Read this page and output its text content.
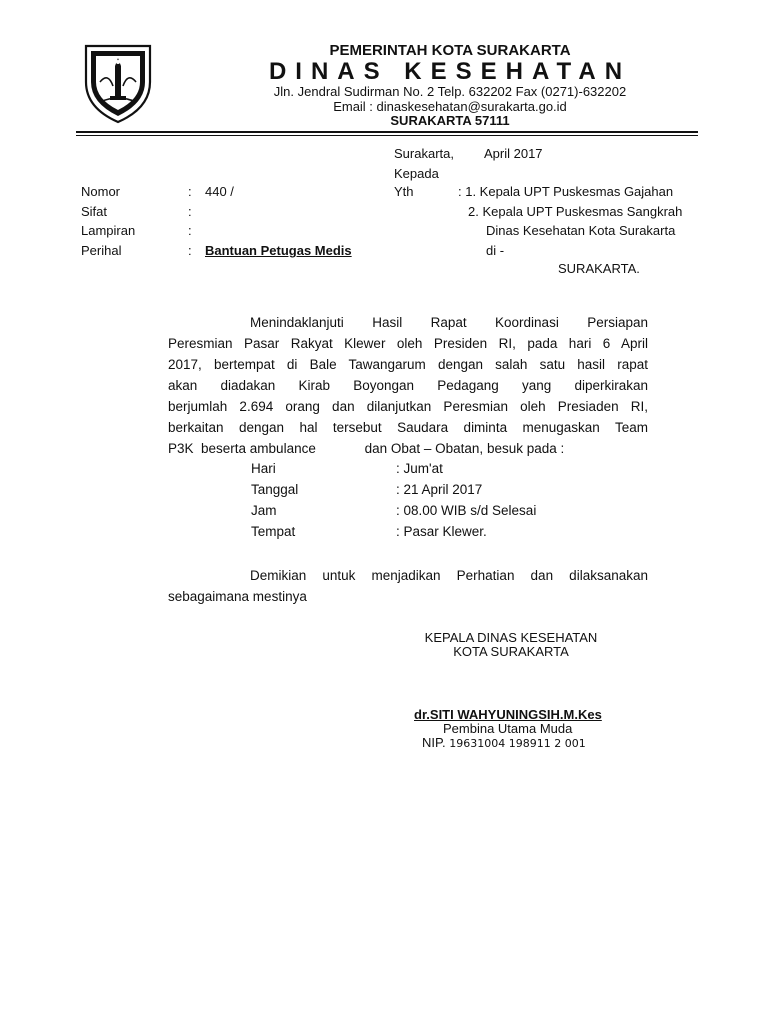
PEMERINTAH KOTA SURAKARTA
DINAS KESEHATAN
Jln. Jendral Sudirman No. 2 Telp. 632202 Fax (0271)-632202
Email : dinaskesehatan@surakarta.go.id
SURAKARTA 57111
Surakarta, April 2017
Kepada
Yth	: 1. Kepala UPT Puskesmas Gajahan
2. Kepala UPT Puskesmas Sangkrah
Dinas Kesehatan Kota Surakarta
di -
SURAKARTA.
Nomor	: 440 /
Sifat	:
Lampiran	:
Perihal	: Bantuan Petugas Medis
Menindaklanjuti Hasil Rapat Koordinasi Persiapan
Peresmian Pasar Rakyat Klewer oleh Presiden RI, pada hari 6 April
2017, bertempat di Bale Tawangarum dengan salah satu hasil rapat
akan diadakan Kirab Boyongan Pedagang yang diperkirakan
berjumlah 2.694 orang dan dilanjutkan Peresmian oleh Presiaden RI,
berkaitan dengan hal tersebut Saudara diminta menugaskan Team
P3K  beserta ambulance             dan Obat – Obatan, besuk pada :
Hari	: Jum'at
Tanggal	: 21 April 2017
Jam	: 08.00 WIB s/d Selesai
Tempat	: Pasar Klewer.
Demikian untuk menjadikan Perhatian dan dilaksanakan
sebagaimana mestinya
KEPALA DINAS KESEHATAN
KOTA SURAKARTA
dr.SITI WAHYUNINGSIH.M.Kes
Pembina Utama Muda
NIP. 19631004 198911 2 001
